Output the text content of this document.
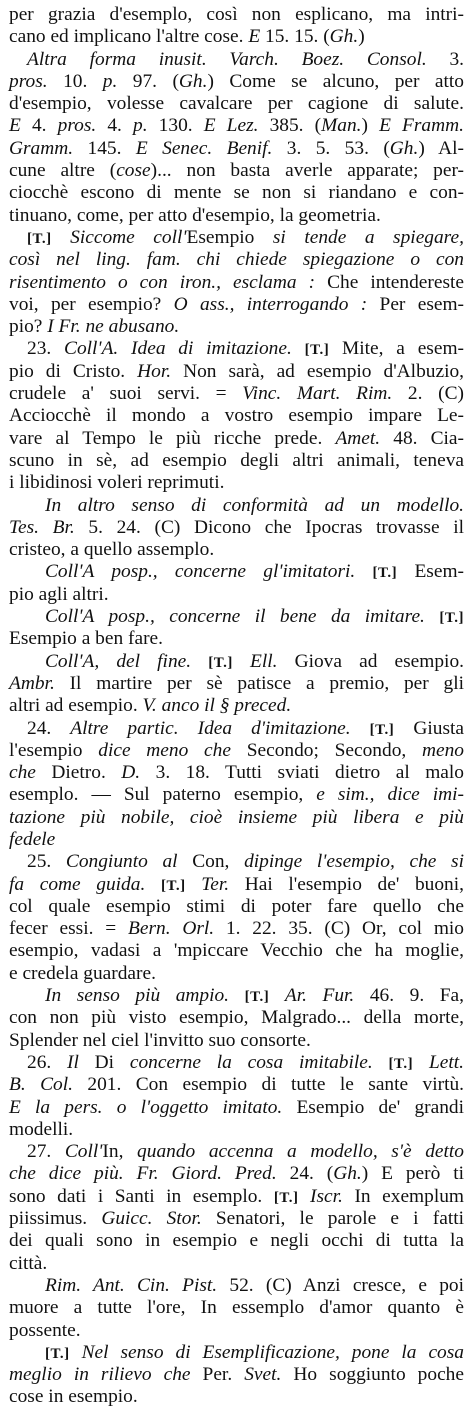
per grazia d'esemplo, così non esplicano, ma intri-
cano ed implicano l'altre cose. E 15. 15. (Gh.)
Altra forma inusit. Varch. Boez. Consol. 3.
pros. 10. p. 97. (Gh.) Come se alcuno, per atto
d'esempio, volesse cavalcare per cagione di salute.
E 4. pros. 4. p. 130. E Lez. 385. (Man.) E Framm.
Gramm. 145. E Senec. Benif. 3. 5. 53. (Gh.) Al-
cune altre (cose)... non basta averle apparate; per-
ciocchè escono di mente se non si riandano e con-
tinuano, come, per atto d'esempio, la geometria.
[T.] Siccome coll'Esempio si tende a spiegare,
così nel ling. fam. chi chiede spiegazione o con
risentimento o con iron., esclama : Che intendereste
voi, per esempio? O ass., interrogando : Per esem-
pio? I Fr. ne abusano.
23. Coll'A. Idea di imitazione. [T.] Mite, a esem-
pio di Cristo. Hor. Non sarà, ad esempio d'Albuzio,
crudele a' suoi servi. = Vinc. Mart. Rim. 2. (C)
Acciocchè il mondo a vostro esempio impare Le-
vare al Tempo le più ricche prede. Amet. 48. Cia-
scuno in sè, ad esempio degli altri animali, teneva
i libidinosi voleri reprimuti.
In altro senso di conformità ad un modello.
Tes. Br. 5. 24. (C) Dicono che Ipocras trovasse il
cristeo, a quello assemplo.
Coll'A posp., concerne gl'imitatori. [T.] Esem-
pio agli altri.
Coll'A posp., concerne il bene da imitare. [T.]
Esempio a ben fare.
Coll'A, del fine. [T.] Ell. Giova ad esempio.
Ambr. Il martire per sè patisce a premio, per gli
altri ad esempio. V. anco il § preced.
24. Altre partic. Idea d'imitazione. [T.] Giusta
l'esempio dice meno che Secondo; Secondo, meno
che Dietro. D. 3. 18. Tutti sviati dietro al malo
esemplo. — Sul paterno esempio, e sim., dice imi-
tazione più nobile, cioè insieme più libera e più
fedele
25. Congiunto al Con, dipinge l'esempio, che si
fa come guida. [T.] Ter. Hai l'esempio de' buoni,
col quale esempio stimi di poter fare quello che
fecer essi. = Bern. Orl. 1. 22. 35. (C) Or, col mio
esempio, vadasi a 'mpiccare Vecchio che ha moglie,
e credela guardare.
In senso più ampio. [T.] Ar. Fur. 46. 9. Fa,
con non più visto esempio, Malgrado... della morte,
Splender nel ciel l'invitto suo consorte.
26. Il Di concerne la cosa imitabile. [T.] Lett.
B. Col. 201. Con esempio di tutte le sante virtù.
E la pers. o l'oggetto imitato. Esempio de' grandi
modelli.
27. Coll'In, quando accenna a modello, s'è detto
che dice più. Fr. Giord. Pred. 24. (Gh.) E però ti
sono dati i Santi in esemplo. [T.] Iscr. In exemplum
piissimus. Guicc. Stor. Senatori, le parole e i fatti
dei quali sono in esempio e negli occhi di tutta la
città.
Rim. Ant. Cin. Pist. 52. (C) Anzi cresce, e poi
muore a tutte l'ore, In essemplo d'amor quanto è
possente.
[T.] Nel senso di Esemplificazione, pone la cosa
meglio in rilievo che Per. Svet. Ho soggiunto poche
cose in esempio.
